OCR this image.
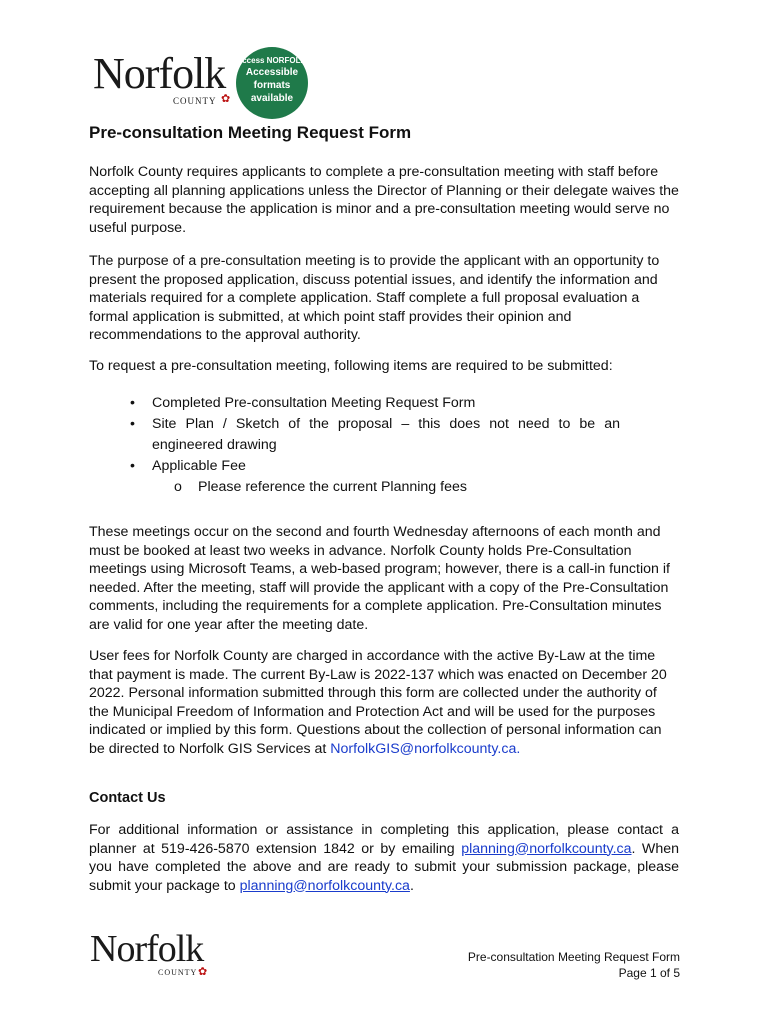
Norfolk
COUNTY ✿
access NORFOLK
Accessible
formats
available
Pre-consultation Meeting Request Form

Norfolk County requires applicants to complete a pre-consultation meeting with staff before accepting all planning applications unless the Director of Planning or their delegate waives the requirement because the application is minor and a pre-consultation meeting would serve no useful purpose.

The purpose of a pre-consultation meeting is to provide the applicant with an opportunity to present the proposed application, discuss potential issues, and identify the information and materials required for a complete application. Staff complete a full proposal evaluation a formal application is submitted, at which point staff provides their opinion and recommendations to the approval authority.

To request a pre-consultation meeting, following items are required to be submitted:

• Completed Pre-consultation Meeting Request Form
• Site Plan / Sketch of the proposal – this does not need to be an engineered drawing
• Applicable Fee
o Please reference the current Planning fees

These meetings occur on the second and fourth Wednesday afternoons of each month and must be booked at least two weeks in advance. Norfolk County holds Pre-Consultation meetings using Microsoft Teams, a web-based program; however, there is a call-in function if needed. After the meeting, staff will provide the applicant with a copy of the Pre-Consultation comments, including the requirements for a complete application. Pre-Consultation minutes are valid for one year after the meeting date.

User fees for Norfolk County are charged in accordance with the active By-Law at the time that payment is made. The current By-Law is 2022-137 which was enacted on December 20 2022. Personal information submitted through this form are collected under the authority of the Municipal Freedom of Information and Protection Act and will be used for the purposes indicated or implied by this form. Questions about the collection of personal information can be directed to Norfolk GIS Services at NorfolkGIS@norfolkcounty.ca.

Contact Us

For additional information or assistance in completing this application, please contact a planner at 519-426-5870 extension 1842 or by emailing planning@norfolkcounty.ca. When you have completed the above and are ready to submit your submission package, please submit your package to planning@norfolkcounty.ca.

Norfolk
COUNTY ✿
Pre-consultation Meeting Request Form
Page 1 of 5
